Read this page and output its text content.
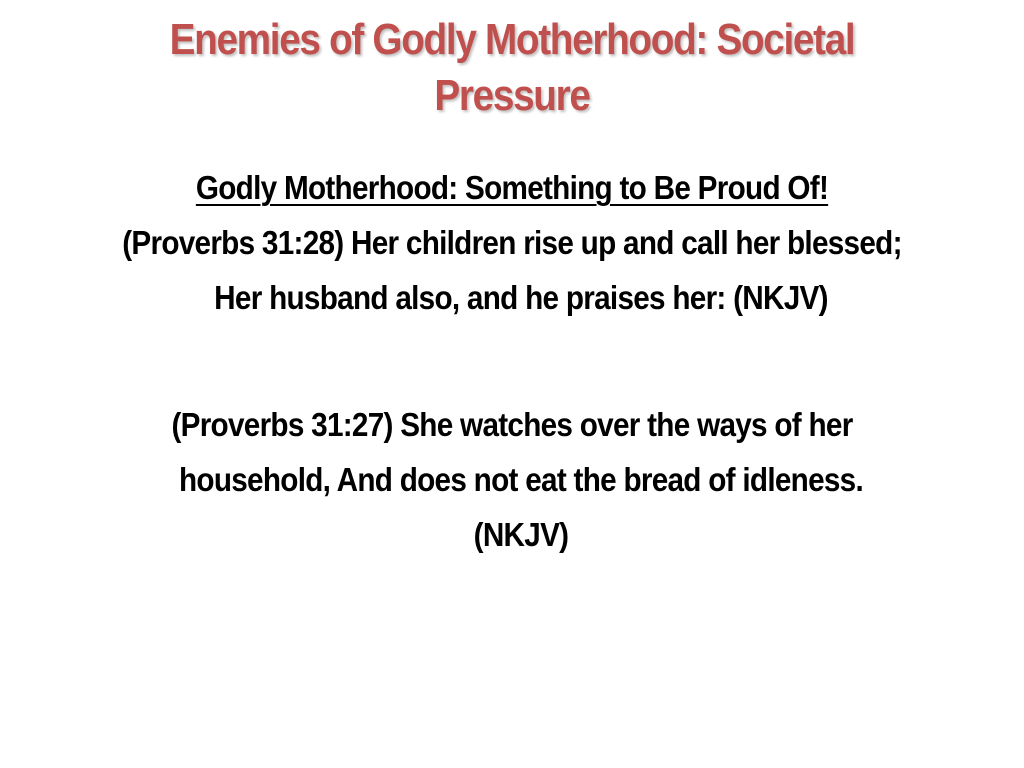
Enemies of Godly Motherhood: Societal Pressure

Godly Motherhood: Something to Be Proud Of!

(Proverbs 31:28) Her children rise up and call her blessed; Her husband also, and he praises her: (NKJV)

(Proverbs 31:27) She watches over the ways of her household, And does not eat the bread of idleness. (NKJV)
